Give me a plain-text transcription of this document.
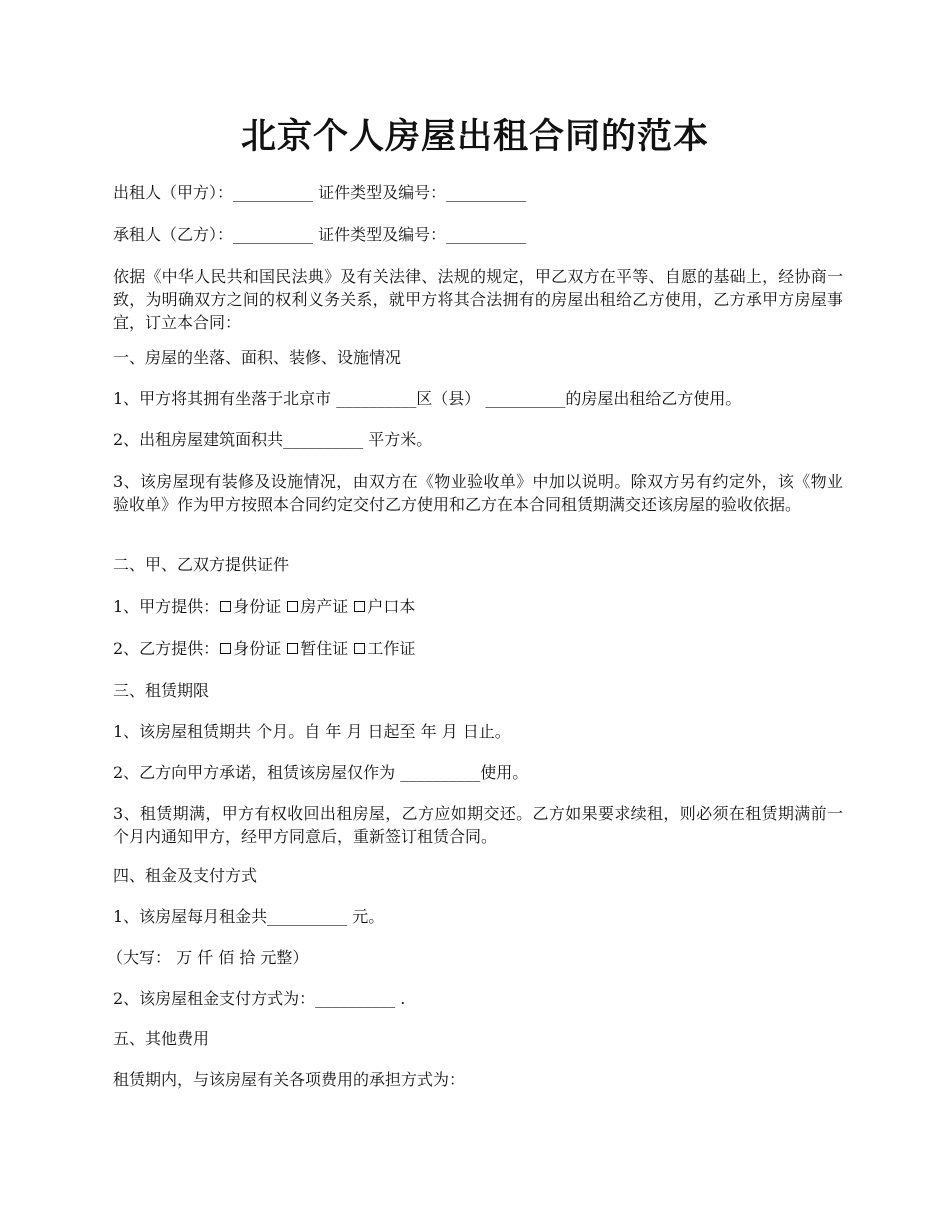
北京个人房屋出租合同的范本
出租人（甲方）：__________ 证件类型及编号：__________
承租人（乙方）：__________ 证件类型及编号：__________
依据《中华人民共和国民法典》及有关法律、法规的规定，甲乙双方在平等、自愿的基础上，经协商一致，为明确双方之间的权利义务关系，就甲方将其合法拥有的房屋出租给乙方使用，乙方承甲方房屋事宜，订立本合同：
一、房屋的坐落、面积、装修、设施情况
1、甲方将其拥有坐落于北京市 __________区（县） __________的房屋出租给乙方使用。
2、出租房屋建筑面积共__________ 平方米。
3、该房屋现有装修及设施情况，由双方在《物业验收单》中加以说明。除双方另有约定外，该《物业验收单》作为甲方按照本合同约定交付乙方使用和乙方在本合同租赁期满交还该房屋的验收依据。
二、甲、乙双方提供证件
1、甲方提供： 身份证 房产证 户口本
2、乙方提供： 身份证 暂住证 工作证
三、租赁期限
1、该房屋租赁期共 个月。自 年 月 日起至 年 月 日止。
2、乙方向甲方承诺，租赁该房屋仅作为 __________使用。
3、租赁期满，甲方有权收回出租房屋，乙方应如期交还。乙方如果要求续租，则必须在租赁期满前一个月内通知甲方，经甲方同意后，重新签订租赁合同。
四、租金及支付方式
1、该房屋每月租金共__________ 元。
（大写： 万 仟 佰 拾 元整）
2、该房屋租金支付方式为：__________ .
五、其他费用
租赁期内，与该房屋有关各项费用的承担方式为：
